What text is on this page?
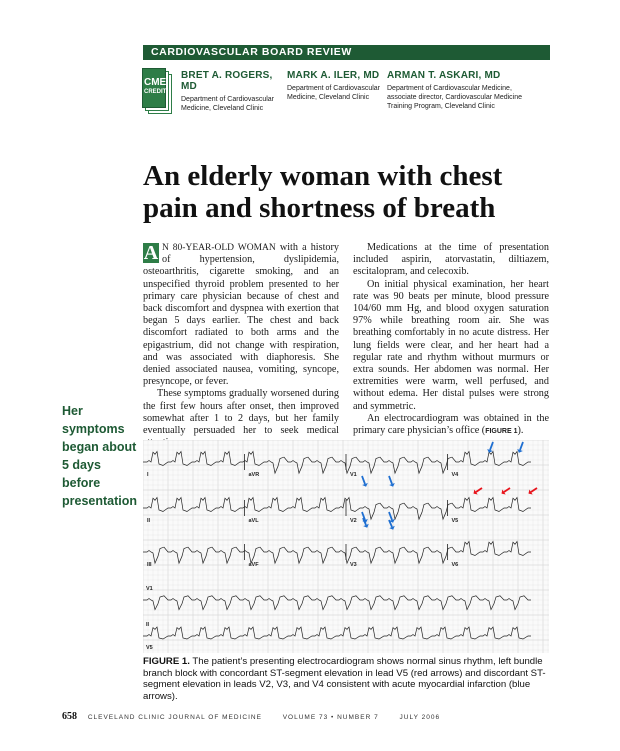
CARDIOVASCULAR BOARD REVIEW
CME
CREDIT
BRET A. ROGERS, MD
Department of Cardiovascular Medicine, Cleveland Clinic
MARK A. ILER, MD
Department of Cardiovascular Medicine, Cleveland Clinic
ARMAN T. ASKARI, MD
Department of Cardiovascular Medicine, associate director, Cardiovascular Medicine Training Program, Cleveland Clinic
An elderly woman with chest pain and shortness of breath

A N 80-YEAR-OLD WOMAN with a history of hypertension, dyslipidemia, osteoarthritis, cigarette smoking, and an unspecified thyroid problem presented to her primary care physician because of chest and back discomfort and dyspnea with exertion that began 5 days earlier. The chest and back discomfort radiated to both arms and the epigastrium, did not change with respiration, and was associated with diaphoresis. She denied associated nausea, vomiting, syncope, presyncope, or fever.

These symptoms gradually worsened during the first few hours after onset, then improved somewhat after 1 to 2 days, but her family eventually persuaded her to seek medical

Medications at the time of presentation included aspirin, atorvastatin, diltiazem, escitalopram, and celecoxib.

On initial physical examination, her heart rate was 90 beats per minute, blood pressure 104/60 mm Hg, and blood oxygen saturation 97% while breathing room air. She was breathing comfortably in no acute distress. Her lung fields were clear, and her heart had a regular rate and rhythm without murmurs or extra sounds. Her abdomen was normal. Her extremities were warm, well perfused, and without edema. Her distal pulses were strong and symmetric.

An electrocardiogram was obtained in the primary care physician’s office (FIGURE 1).

Her symptoms began about 5 days before presentation
I	aVR	V1	V4
II	aVL	V2	V5
III	aVF	V3	V6
V1
II
V5
FIGURE 1. The patient’s presenting electrocardiogram shows normal sinus rhythm, left bundle branch block with concordant ST-segment elevation in lead V5 (red arrows) and discordant ST-segment elevation in leads V2, V3, and V4 consistent with acute myocardial infarction (blue arrows).
658 CLEVELAND CLINIC JOURNAL OF MEDICINE	VOLUME 73 • NUMBER 7	JULY 2006
